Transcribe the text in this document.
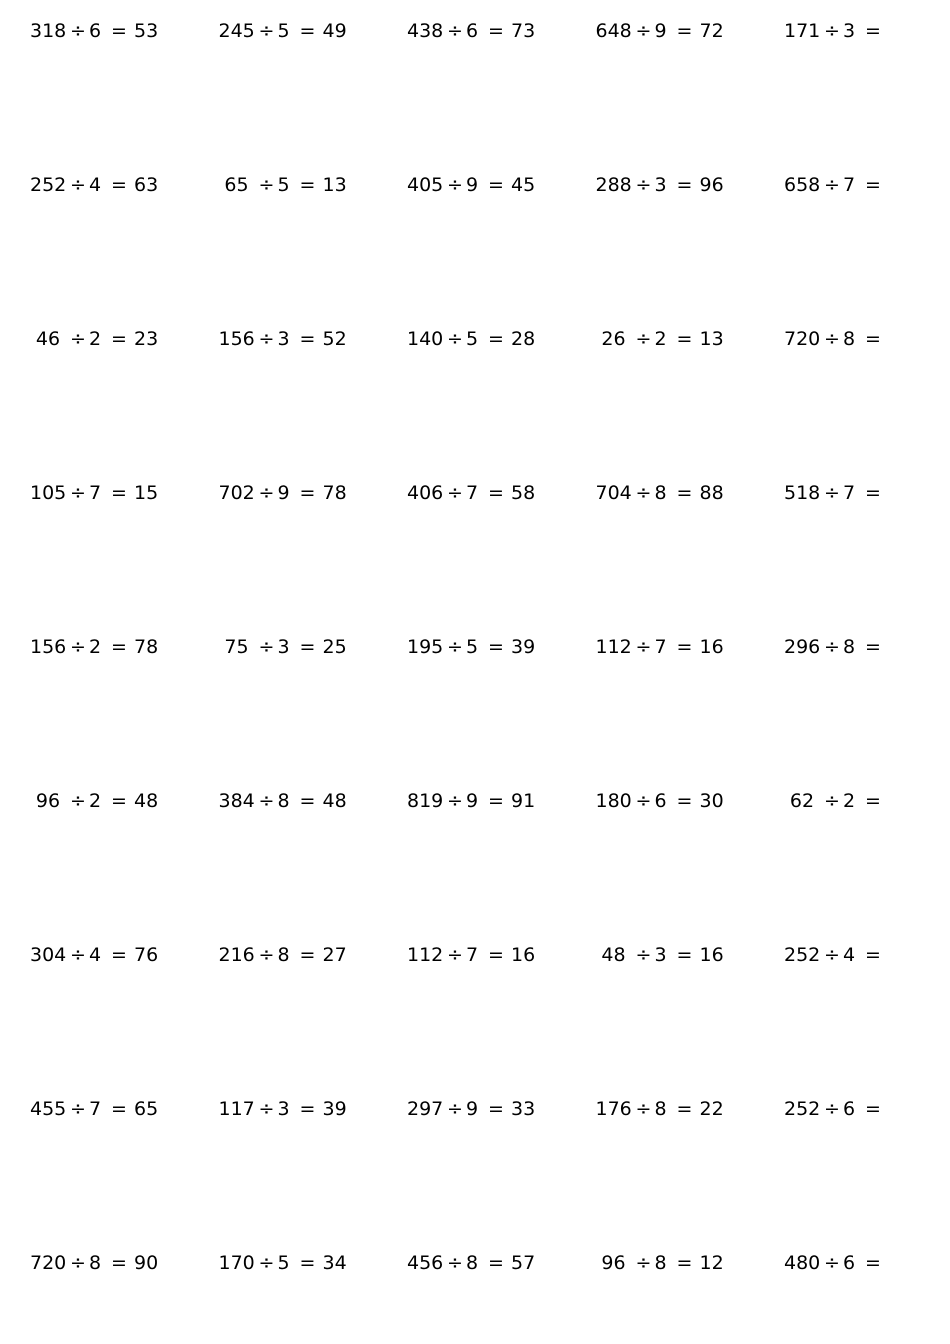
318 ÷ 6 = 53	245 ÷ 5 = 49	438 ÷ 6 = 73	648 ÷ 9 = 72	171 ÷ 3 =
252 ÷ 4 = 63	65 ÷ 5 = 13	405 ÷ 9 = 45	288 ÷ 3 = 96	658 ÷ 7 =
46 ÷ 2 = 23	156 ÷ 3 = 52	140 ÷ 5 = 28	26 ÷ 2 = 13	720 ÷ 8 =
105 ÷ 7 = 15	702 ÷ 9 = 78	406 ÷ 7 = 58	704 ÷ 8 = 88	518 ÷ 7 =
156 ÷ 2 = 78	75 ÷ 3 = 25	195 ÷ 5 = 39	112 ÷ 7 = 16	296 ÷ 8 =
96 ÷ 2 = 48	384 ÷ 8 = 48	819 ÷ 9 = 91	180 ÷ 6 = 30	62 ÷ 2 =
304 ÷ 4 = 76	216 ÷ 8 = 27	112 ÷ 7 = 16	48 ÷ 3 = 16	252 ÷ 4 =
455 ÷ 7 = 65	117 ÷ 3 = 39	297 ÷ 9 = 33	176 ÷ 8 = 22	252 ÷ 6 =
720 ÷ 8 = 90	170 ÷ 5 = 34	456 ÷ 8 = 57	96 ÷ 8 = 12	480 ÷ 6 =
